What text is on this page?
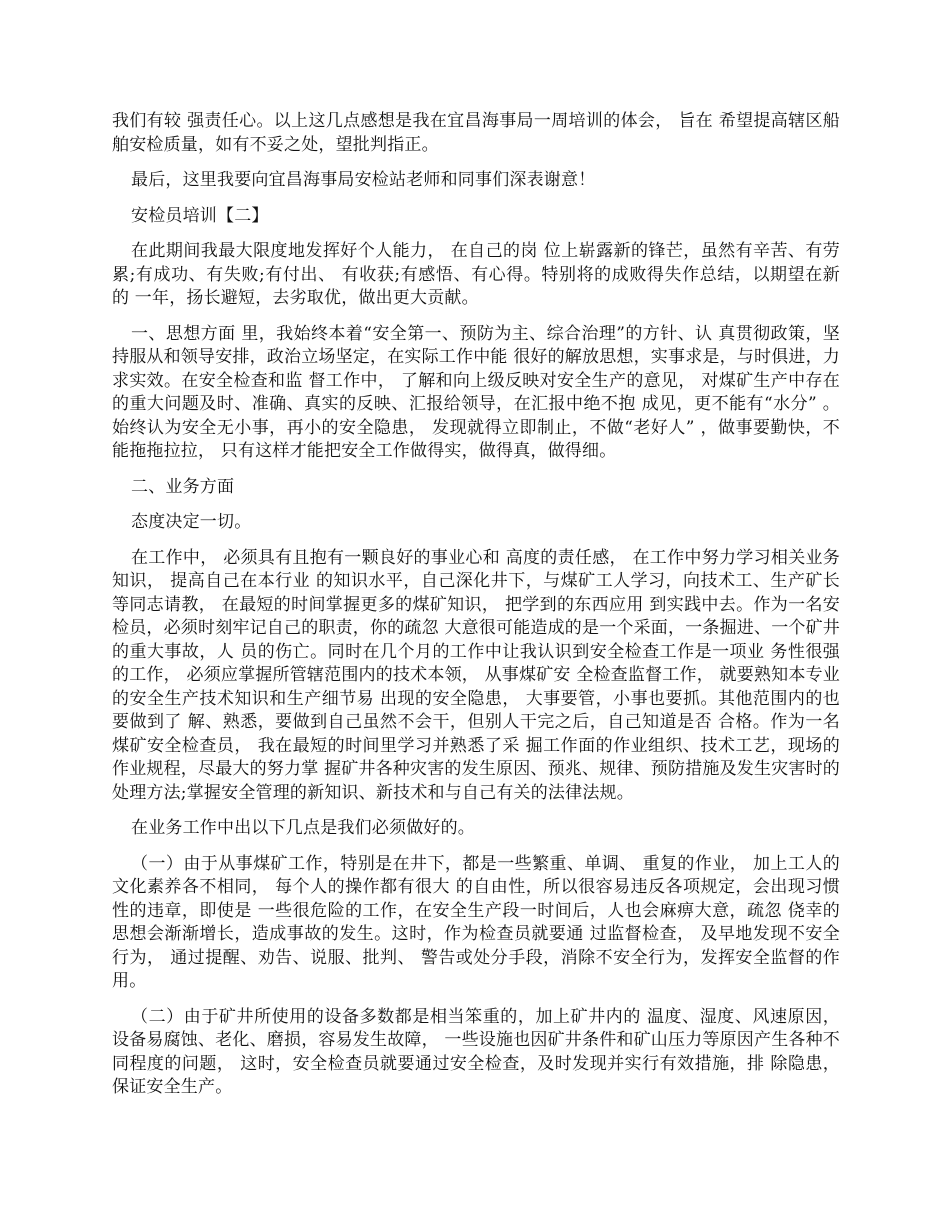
我们有较 强责任心。以上这几点感想是我在宜昌海事局一周培训的体会， 旨在 希望提高辖区船舶安检质量，如有不妥之处，望批判指正。

最后，这里我要向宜昌海事局安检站老师和同事们深表谢意！

安检员培训【二】

在此期间我最大限度地发挥好个人能力， 在自己的岗 位上崭露新的锋芒，虽然有辛苦、有劳累;有成功、有失败;有付出、 有收获;有感悟、有心得。特别将的成败得失作总结，以期望在新的 一年，扬长避短，去劣取优，做出更大贡献。

一、思想方面 里，我始终本着“安全第一、预防为主、综合治理”的方针、认 真贯彻政策，坚持服从和领导安排，政治立场坚定，在实际工作中能 很好的解放思想，实事求是，与时俱进，力求实效。在安全检查和监 督工作中， 了解和向上级反映对安全生产的意见， 对煤矿生产中存在 的重大问题及时、准确、真实的反映、汇报给领导，在汇报中绝不抱 成见，更不能有“水分” 。始终认为安全无小事，再小的安全隐患， 发现就得立即制止，不做“老好人” ，做事要勤快，不能拖拖拉拉， 只有这样才能把安全工作做得实，做得真，做得细。

二、业务方面

态度决定一切。

在工作中， 必须具有且抱有一颗良好的事业心和 高度的责任感， 在工作中努力学习相关业务知识， 提高自己在本行业 的知识水平，自己深化井下，与煤矿工人学习，向技术工、生产矿长 等同志请教， 在最短的时间掌握更多的煤矿知识， 把学到的东西应用 到实践中去。作为一名安检员，必须时刻牢记自己的职责，你的疏忽 大意很可能造成的是一个采面，一条掘进、一个矿井的重大事故，人 员的伤亡。同时在几个月的工作中让我认识到安全检查工作是一项业 务性很强的工作， 必须应掌握所管辖范围内的技术本领， 从事煤矿安 全检查监督工作， 就要熟知本专业的安全生产技术知识和生产细节易 出现的安全隐患， 大事要管，小事也要抓。其他范围内的也要做到了 解、熟悉，要做到自己虽然不会干，但别人干完之后，自己知道是否 合格。作为一名煤矿安全检查员， 我在最短的时间里学习并熟悉了采 掘工作面的作业组织、技术工艺，现场的作业规程，尽最大的努力掌 握矿井各种灾害的发生原因、预兆、规律、预防措施及发生灾害时的 处理方法;掌握安全管理的新知识、新技术和与自己有关的法律法规。

在业务工作中出以下几点是我们必须做好的。

（一）由于从事煤矿工作，特别是在井下，都是一些繁重、单调、 重复的作业， 加上工人的文化素养各不相同， 每个人的操作都有很大 的自由性，所以很容易违反各项规定，会出现习惯性的违章，即使是 一些很危险的工作，在安全生产段一时间后，人也会麻痹大意，疏忽 侥幸的思想会渐渐增长，造成事故的发生。这时，作为检查员就要通 过监督检查， 及早地发现不安全行为， 通过提醒、劝告、说服、批判、 警告或处分手段，消除不安全行为，发挥安全监督的作用。

（二）由于矿井所使用的设备多数都是相当笨重的，加上矿井内的 温度、湿度、风速原因，设备易腐蚀、老化、磨损，容易发生故障， 一些设施也因矿井条件和矿山压力等原因产生各种不同程度的问题， 这时，安全检查员就要通过安全检查，及时发现并实行有效措施，排 除隐患，保证安全生产。
